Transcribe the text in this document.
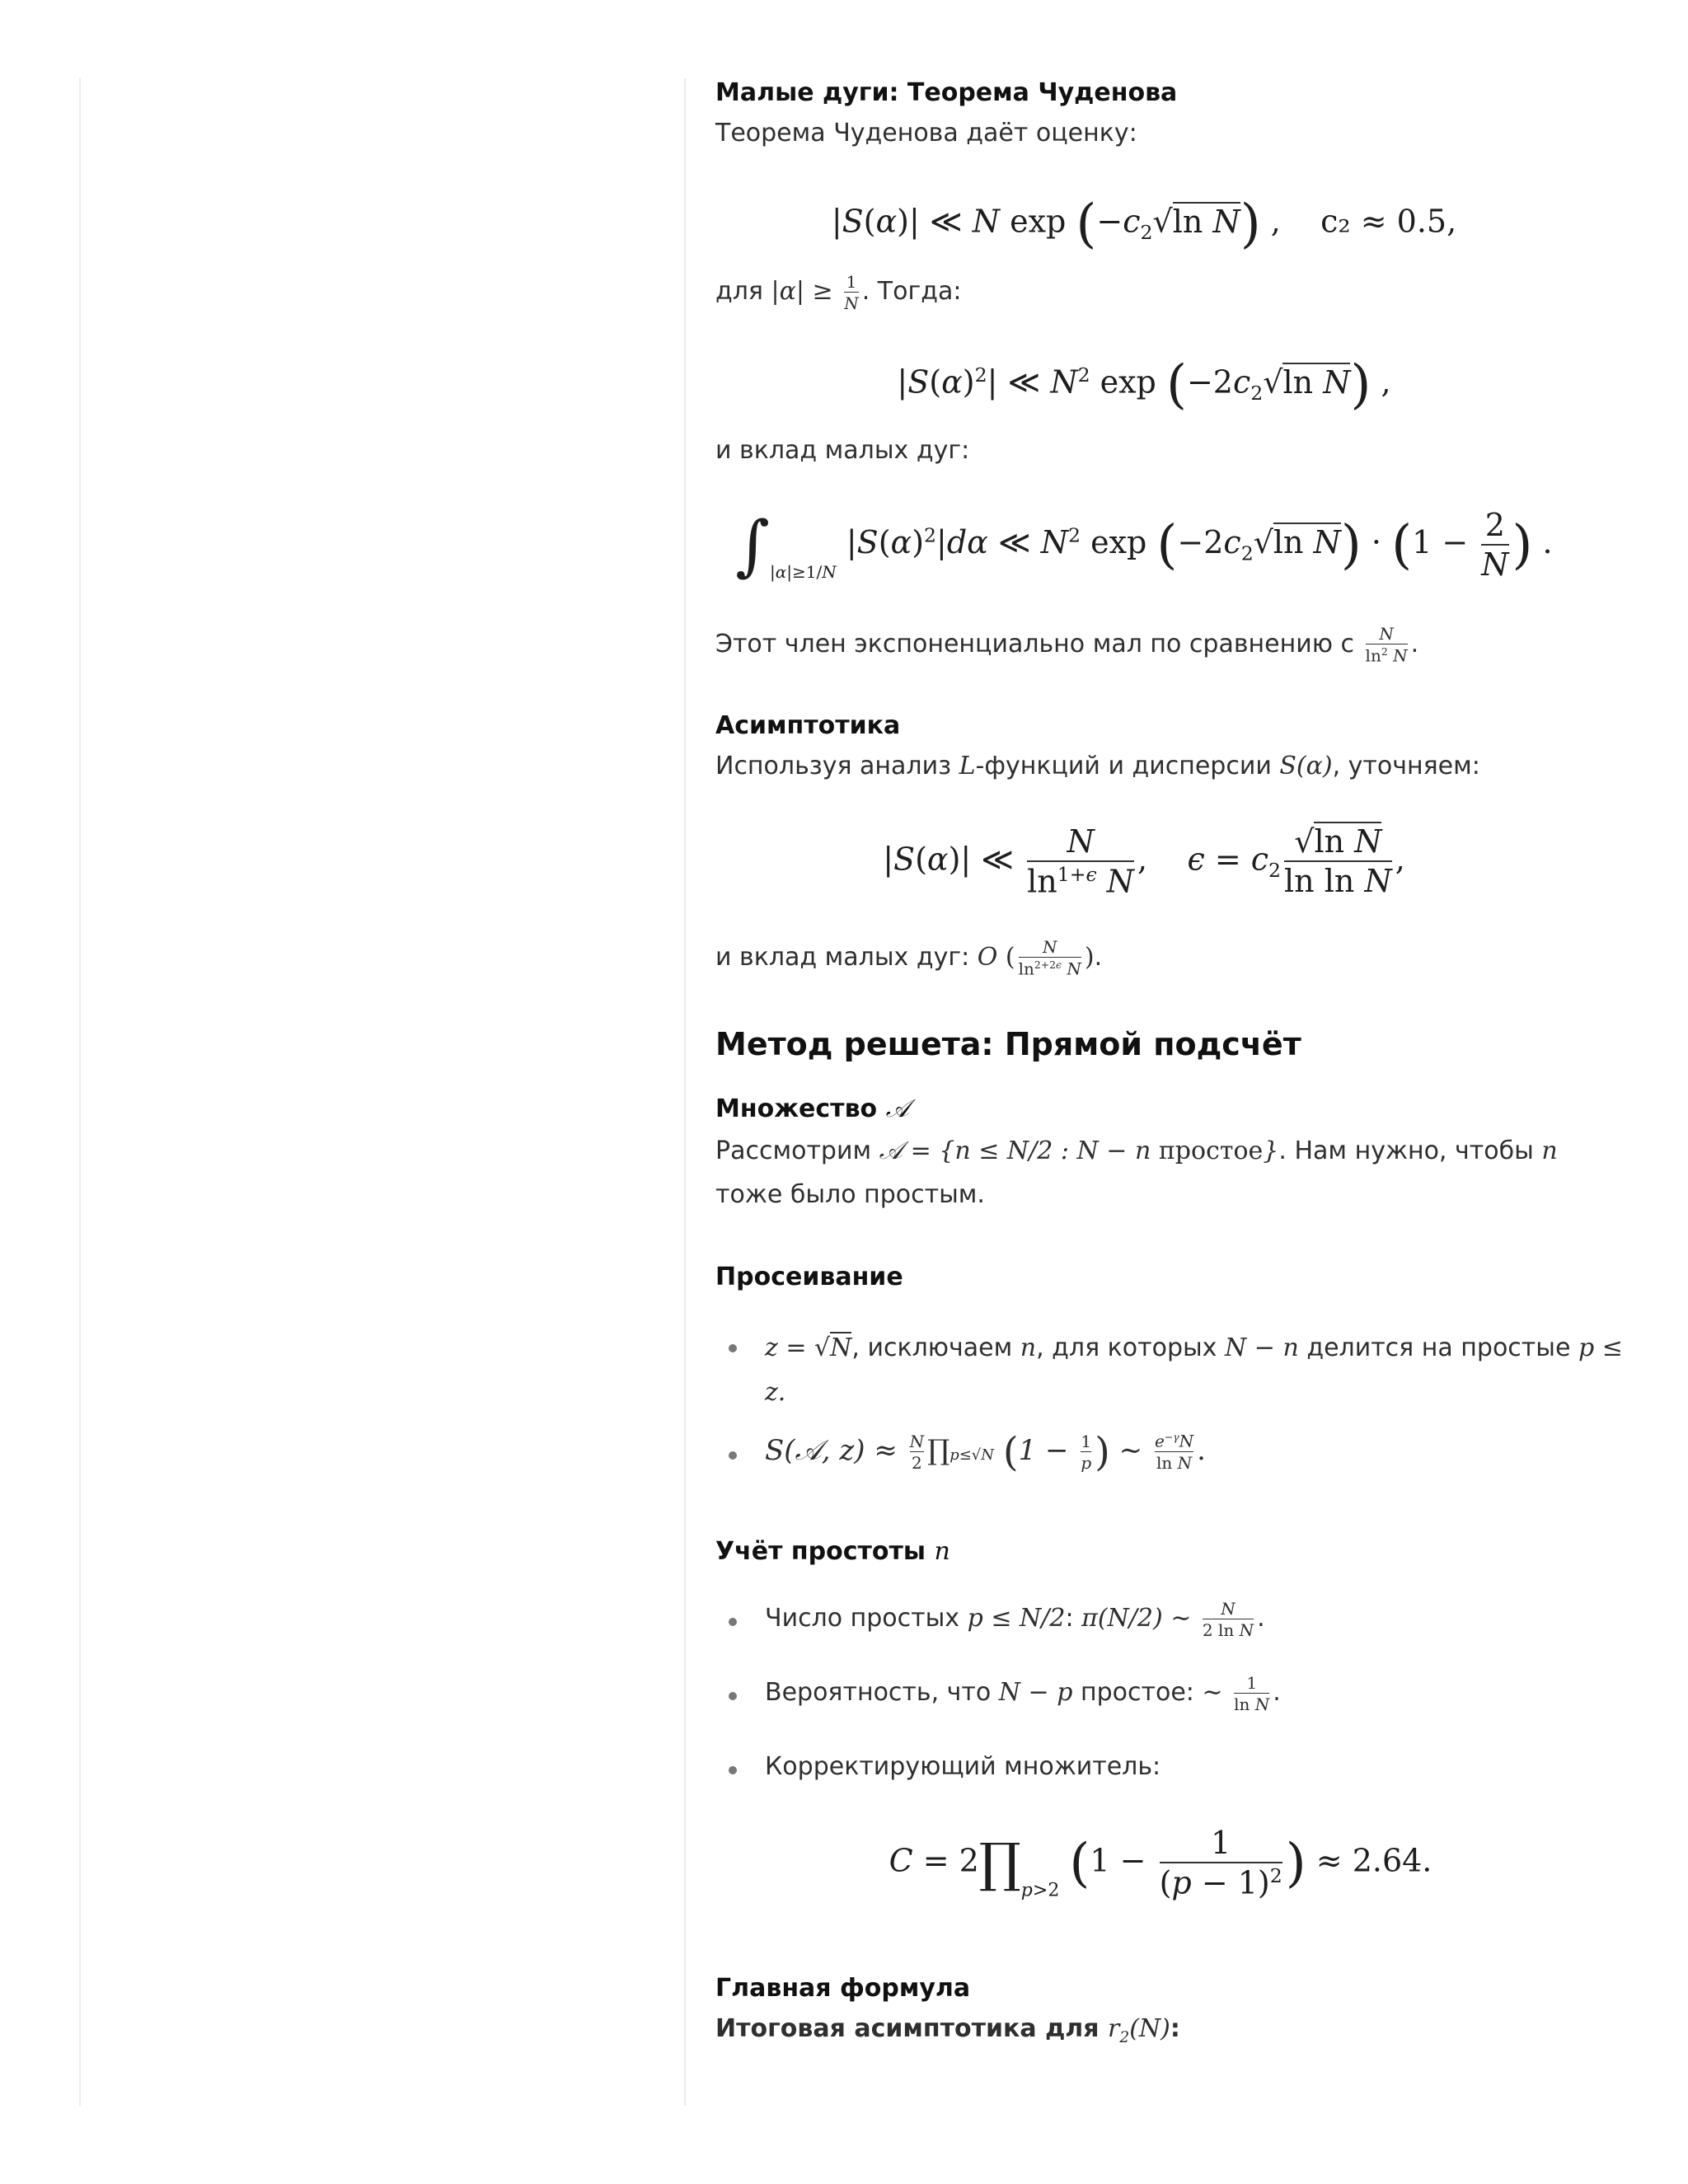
Малые дуги: Теорема Чуденова
Теорема Чуденова даёт оценку:
|S(α)| ≪ N $\exp (-c_2√\ln$ N) ,    c₂ ≈ 0.5,
для $|\alpha| \ge \frac{1}{N}$ . Тогда:
$|S(\alpha)^2|$ ≪ $N^2$ $\exp (-2c_2√\ln$ N) ,
и вклад малых дуг:
$\int_{|\alpha|\ge 1/N}$ $|S(\alpha)^2|d\alpha$ ≪ $N^2$ $\exp (-2c_2√\ln$ $N) \cdot (1 - \frac{2}{N}$ ) .
Этот член экспоненциально мал по сравнению с $\frac{N}{\ln^2 N}$ .
Асимптотика
Используя анализ L-функций и дисперсии S(α), уточняем:
|S(α)| ≪ $\frac{N}{\ln^{1+\epsilon} N}$ ,    $\epsilon = c_2 \frac{\text{√ln N}}{\text{ln ln N}}$ ,
и вклад малых дуг: O ( $\frac{N}{\ln^{2+2\epsilon} N}$ ).
Метод решета: Прямой подсчёт
Множество 𝒜
Рассмотрим 𝒜 = {n ≤ N/2 : N − n простое}. Нам нужно, чтобы n
тоже было простым.
Просеивание
z = √N, исключаем n, для которых N − n делится на простые p ≤
z.
S(𝒜, $z) \approx \frac{N}{2}$ ∏p≤√N ($1 - \frac{1}{p}$ ) ∼ $\frac{e^{-\gamma}N}{\text{ln N}}$ .
Учёт простоты n
Число простых p ≤ N/2: π(N/2) ∼ $\frac{N}{\text{2 ln N}}$ .
Вероятность, что N − p простое: ∼ $\frac{1}{\text{ln N}}$ .
Корректирующий множитель:
$C = 2\prod_{p>2}$ ($1 - \frac{1}{(p - 1)^2}$ ) ≈ 2.64.
Главная формула
Итоговая асимптотика для $r_2(N)$:
